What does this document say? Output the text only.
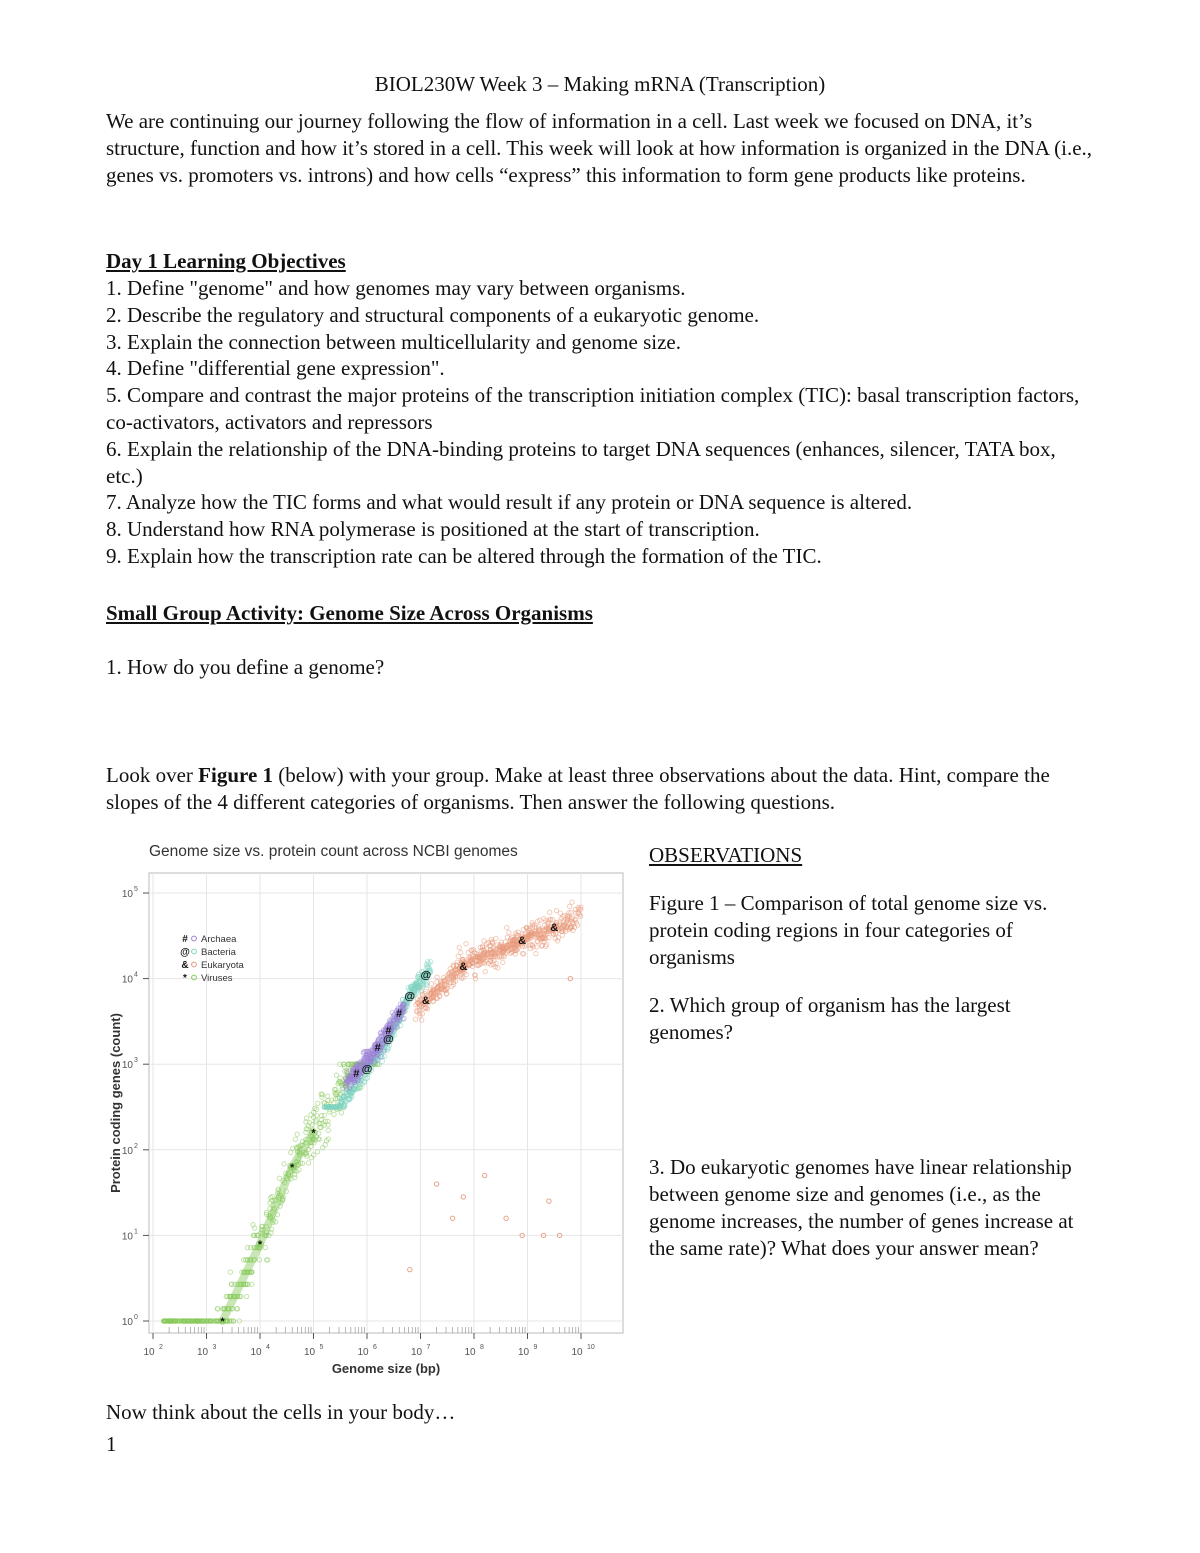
BIOL230W Week 3 – Making mRNA (Transcription)

We are continuing our journey following the flow of information in a cell. Last week we focused on DNA, it’s structure, function and how it’s stored in a cell. This week will look at how information is organized in the DNA (i.e., genes vs. promoters vs. introns) and how cells “express” this information to form gene products like proteins.

Day 1 Learning Objectives
1. Define "genome" and how genomes may vary between organisms.
2. Describe the regulatory and structural components of a eukaryotic genome.
3. Explain the connection between multicellularity and genome size.
4. Define "differential gene expression".
5. Compare and contrast the major proteins of the transcription initiation complex (TIC): basal transcription factors, co-activators, activators and repressors
6. Explain the relationship of the DNA-binding proteins to target DNA sequences (enhances, silencer, TATA box, etc.)
7. Analyze how the TIC forms and what would result if any protein or DNA sequence is altered.
8. Understand how RNA polymerase is positioned at the start of transcription.
9. Explain how the transcription rate can be altered through the formation of the TIC.
Small Group Activity: Genome Size Across Organisms
1. How do you define a genome?

Look over Figure 1 (below) with your group. Make at least three observations about the data. Hint, compare the slopes of the 4 different categories of organisms. Then answer the following questions.

Genome size vs. protein count across NCBI genomes
*
*
*
*
#
#
#
#
@
@
@
@
&
&
&
&
10 2	10 3	10 4	10 5	10 6	10 7	10 8	10 9	10 10
10 0
10 1
10 2
10 3
10 4
10 5
# Archaea
@ Bacteria
& Eukaryota
* Viruses
Genome size (bp)
Protein coding genes (count)
OBSERVATIONS

Figure 1 – Comparison of total genome size vs. protein coding regions in four categories of organisms

2. Which group of organism has the largest genomes?

3. Do eukaryotic genomes have linear relationship between genome size and genomes (i.e., as the genome increases, the number of genes increase at the same rate)? What does your answer mean?

Now think about the cells in your body…
1
